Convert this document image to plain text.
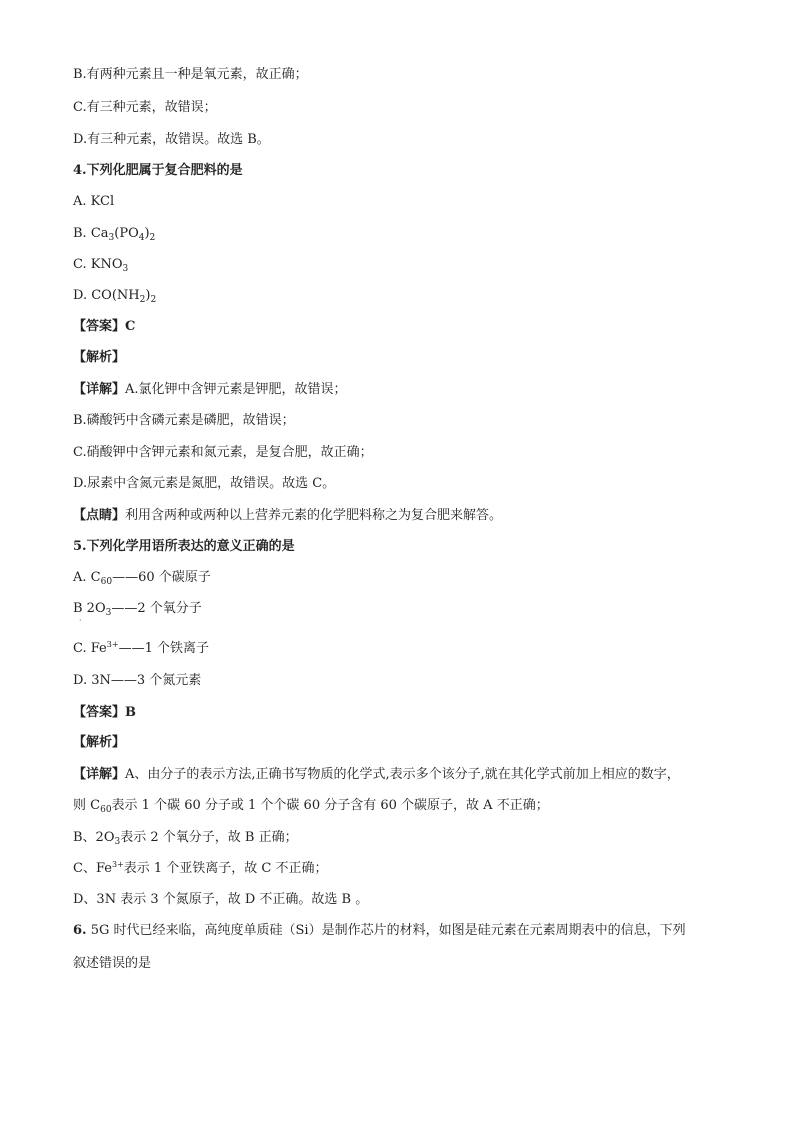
B.有两种元素且一种是氧元素，故正确；
C.有三种元素，故错误；
D.有三种元素，故错误。故选 B。
4.下列化肥属于复合肥料的是
A. KCl
B. $Ca_3(PO_4)_2$
C. $KNO_3$
D. $CO(NH_2)_2$
【答案】C
【解析】
【详解】A.氯化钾中含钾元素是钾肥，故错误；
B.磷酸钙中含磷元素是磷肥，故错误；
C.硝酸钾中含钾元素和氮元素，是复合肥，故正确；
D.尿素中含氮元素是氮肥，故错误。故选 C。
【点睛】利用含两种或两种以上营养元素的化学肥料称之为复合肥来解答。
5.下列化学用语所表达的意义正确的是
A. $C_{60}——60$ 个碳原子
B $2O_3——2$ 个氧分子
·
C. $Fe^{3+}——1$ 个铁离子
D. 3N——3 个氮元素
【答案】B
【解析】
【详解】A、由分子的表示方法,正确书写物质的化学式,表示多个该分子,就在其化学式前加上相应的数字，
则 $C_{60}$表示 1 个碳 60 分子或 1 个个碳 60 分子含有 60 个碳原子，故 A 不正确；
B、$2O_3$表示 2 个氧分子，故 B 正确；
C、$Fe^{3+}$表示 1 个亚铁离子，故 C 不正确；
D、3N 表示 3 个氮原子，故 D 不正确。故选 B 。
6. 5G 时代已经来临，高纯度单质硅（Si）是制作芯片的材料，如图是硅元素在元素周期表中的信息，下列
叙述错误的是
